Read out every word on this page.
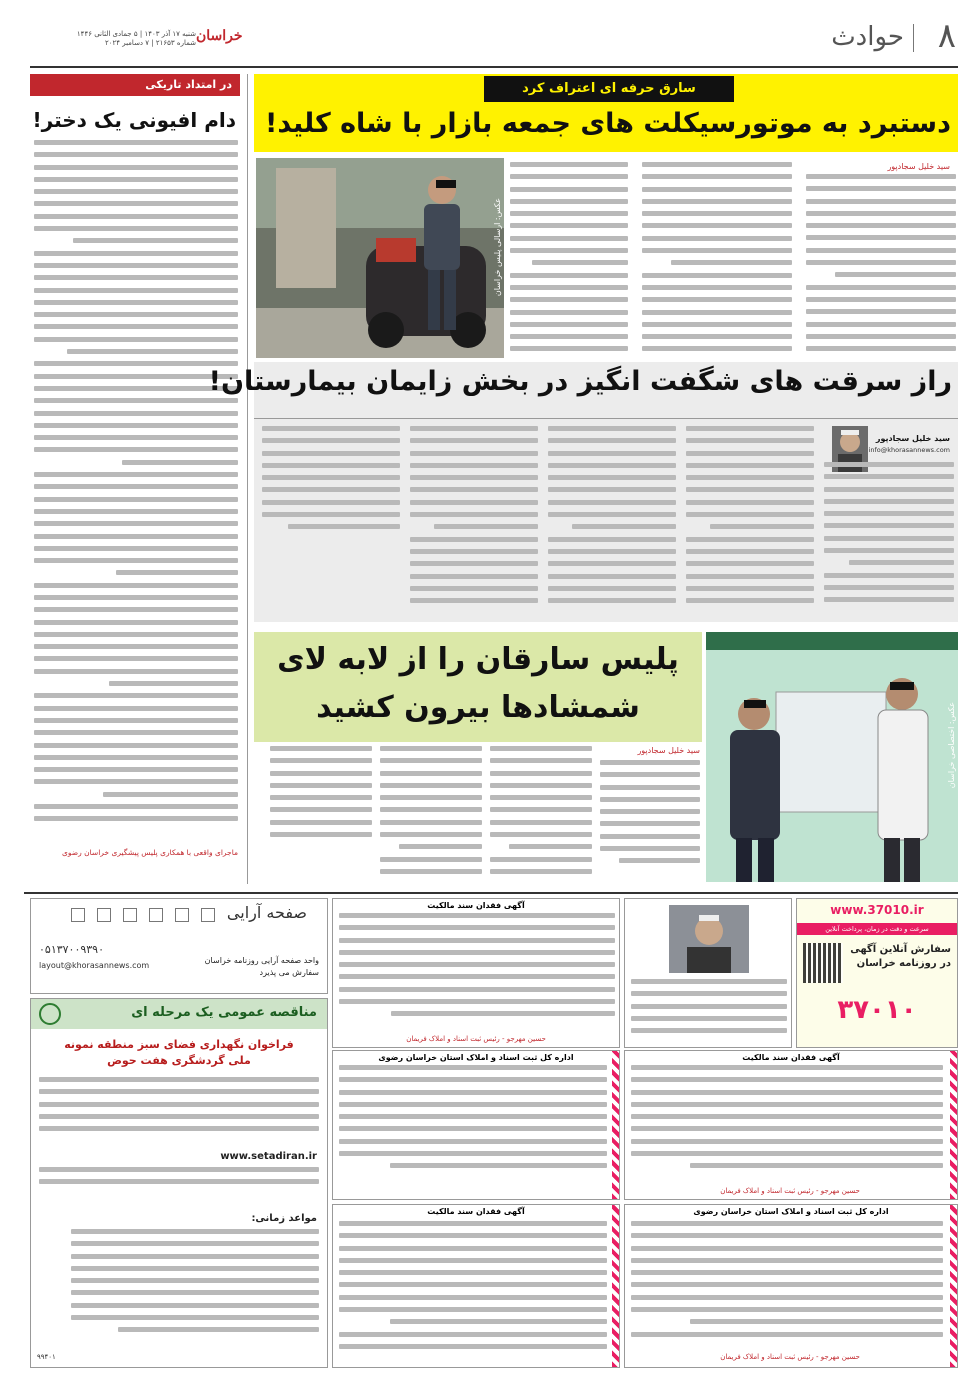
۸
حوادث
خراسان
شنبه ۱۷ آذر ۱۴۰۳ | ۵ جمادی الثانی ۱۴۴۶
شماره ۲۱۶۵۳ | ۷ دسامبر ۲۰۲۴
در امتداد تاریکی
دام افیونی یک دختر!
ماجرای واقعی با همکاری پلیس پیشگیری خراسان رضوی
سارق حرفه ای اعتراف کرد
دستبرد به موتورسیکلت های جمعه بازار با شاه کلید!
سید خلیل سجادپور
عکس: ارسالی پلیس خراسان
راز سرقت های شگفت انگیز در بخش زایمان بیمارستان!
سید خلیل سجادپور
info@khorasannews.com
پلیس سارقان را از لابه لای
شمشادها بیرون کشید	عکس: اختصاصی خراسان
سید خلیل سجادپور
www.37010.ir
سرعت و دقت در زمان، پرداخت آنلاین
سفارش آنلاین آگهی در روزنامه خراسان
۳۷۰۱۰
آگهی فقدان سند مالکیت
حسین مهرجو - رئیس ثبت اسناد و املاک فریمان
صفحه آرایی
۰۵۱۳۷۰۰۹۳۹۰
layout@khorasannews.com
واحد صفحه آرایی روزنامه خراسان سفارش می پذیرد
آگهی فقدان سند مالکیت
حسین مهرجو - رئیس ثبت اسناد و املاک فریمان
اداره کل ثبت اسناد و املاک استان خراسان رضوی
مناقصه عمومی یک مرحله ای
فراخوان نگهداری فضای سبز منطقه نمونه ملی گردشگری هفت حوض
www.setadiran.ir
مواعد زمانی:
۹۹۴۰۱
اداره کل ثبت اسناد و املاک استان خراسان رضوی
حسین مهرجو - رئیس ثبت اسناد و املاک فریمان
آگهی فقدان سند مالکیت
